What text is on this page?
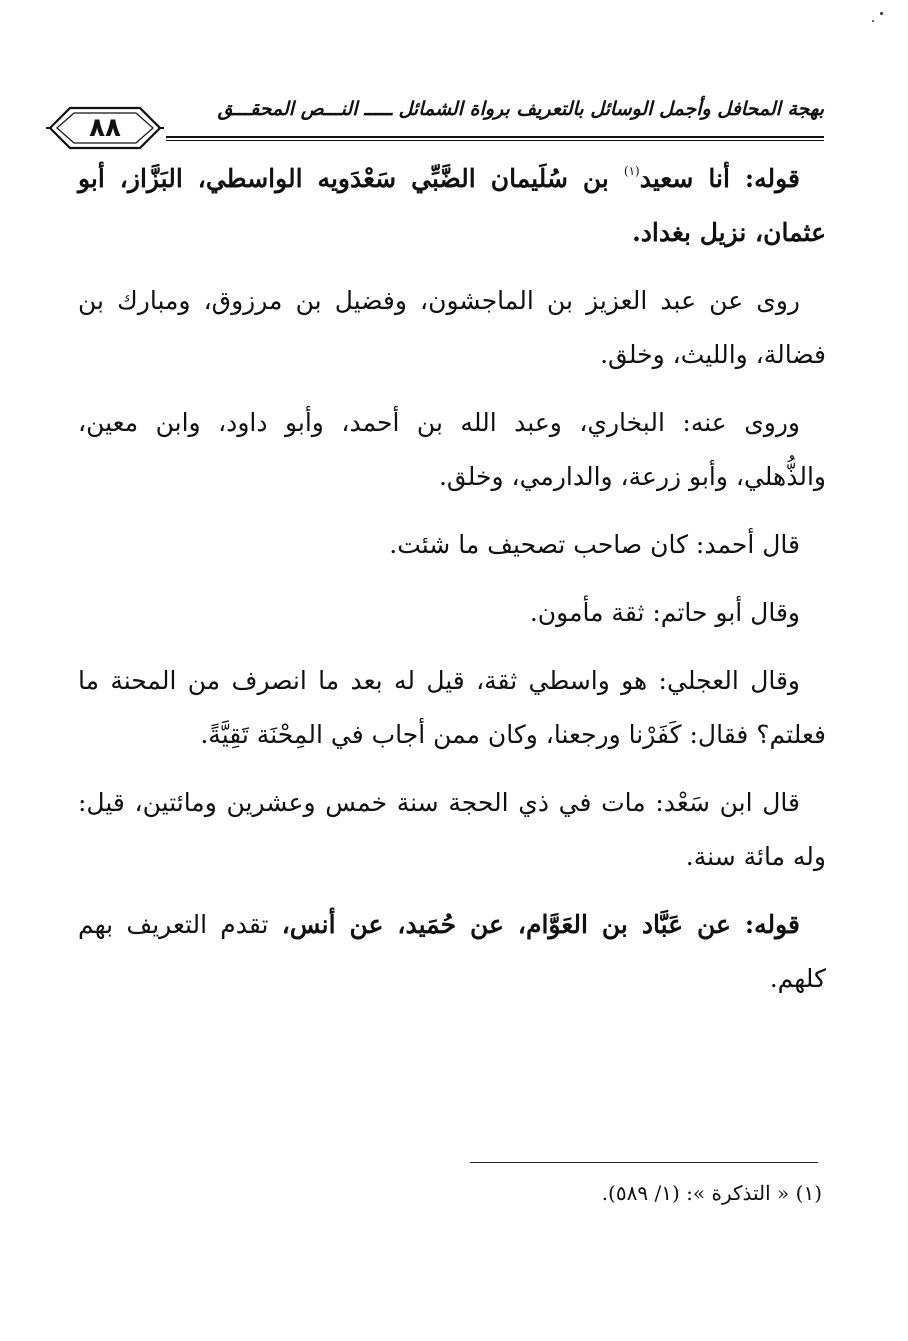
بهجة المحافل وأجمل الوسائل بالتعريف برواة الشمائل ـــــ النـــص المحقـــق
٨٨

قوله: أنا سعيد$^{(١)}$ بن سُلَيمان الضَّبِّي سَعْدَويه الواسطي، البَزَّاز، أبو عثمان، نزيل بغداد.

روى عن عبد العزيز بن الماجشون، وفضيل بن مرزوق، ومبارك بن فضالة، والليث، وخلق.

وروى عنه: البخاري، وعبد الله بن أحمد، وأبو داود، وابن معين، والذُّهلي، وأبو زرعة، والدارمي، وخلق.

قال أحمد: كان صاحب تصحيف ما شئت.

وقال أبو حاتم: ثقة مأمون.

وقال العجلي: هو واسطي ثقة، قيل له بعد ما انصرف من المحنة ما فعلتم؟ فقال: كَفَرْنا ورجعنا، وكان ممن أجاب في المِحْنَة تَقِيَّةً.

قال ابن سَعْد: مات في ذي الحجة سنة خمس وعشرين ومائتين، قيل: وله مائة سنة.

قوله: عن عَبَّاد بن العَوَّام، عن حُمَيد، عن أنس، تقدم التعريف بهم كلهم.

(١) « التذكرة »: (١/ ٥٨٩).
